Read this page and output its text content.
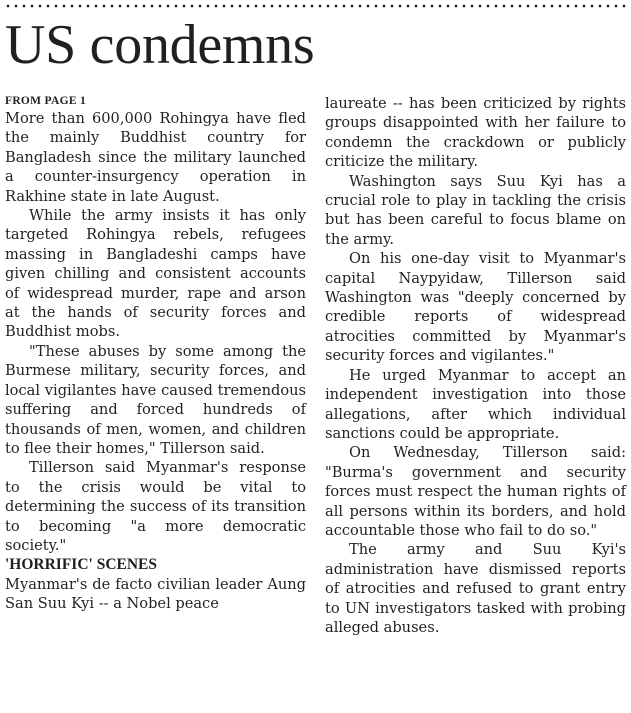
US condemns
FROM PAGE 1

More than 600,000 Rohingya have fled the mainly Buddhist country for Bangladesh since the military launched a counter-insurgency operation in Rakhine state in late August.

While the army insists it has only targeted Rohingya rebels, refugees massing in Bangladeshi camps have given chilling and consistent accounts of widespread murder, rape and arson at the hands of security forces and Buddhist mobs.

"These abuses by some among the Burmese military, security forces, and local vigilantes have caused tremendous suffering and forced hundreds of thousands of men, women, and children to flee their homes," Tillerson said.

Tillerson said Myanmar's response to the crisis would be vital to determining the success of its transition to becoming "a more democratic society."

'HORRIFIC' SCENES

Myanmar's de facto civilian leader Aung San Suu Kyi -- a Nobel peace

laureate -- has been criticized by rights groups disappointed with her failure to condemn the crackdown or publicly criticize the military.

Washington says Suu Kyi has a crucial role to play in tackling the crisis but has been careful to focus blame on the army.

On his one-day visit to Myanmar's capital Naypyidaw, Tillerson said Washington was "deeply concerned by credible reports of widespread atrocities committed by Myanmar's security forces and vigilantes."

He urged Myanmar to accept an independent investigation into those allegations, after which individual sanctions could be appropriate.

On Wednesday, Tillerson said: "Burma's government and security forces must respect the human rights of all persons within its borders, and hold accountable those who fail to do so."

The army and Suu Kyi's administration have dismissed reports of atrocities and refused to grant entry to UN investigators tasked with probing alleged abuses.
